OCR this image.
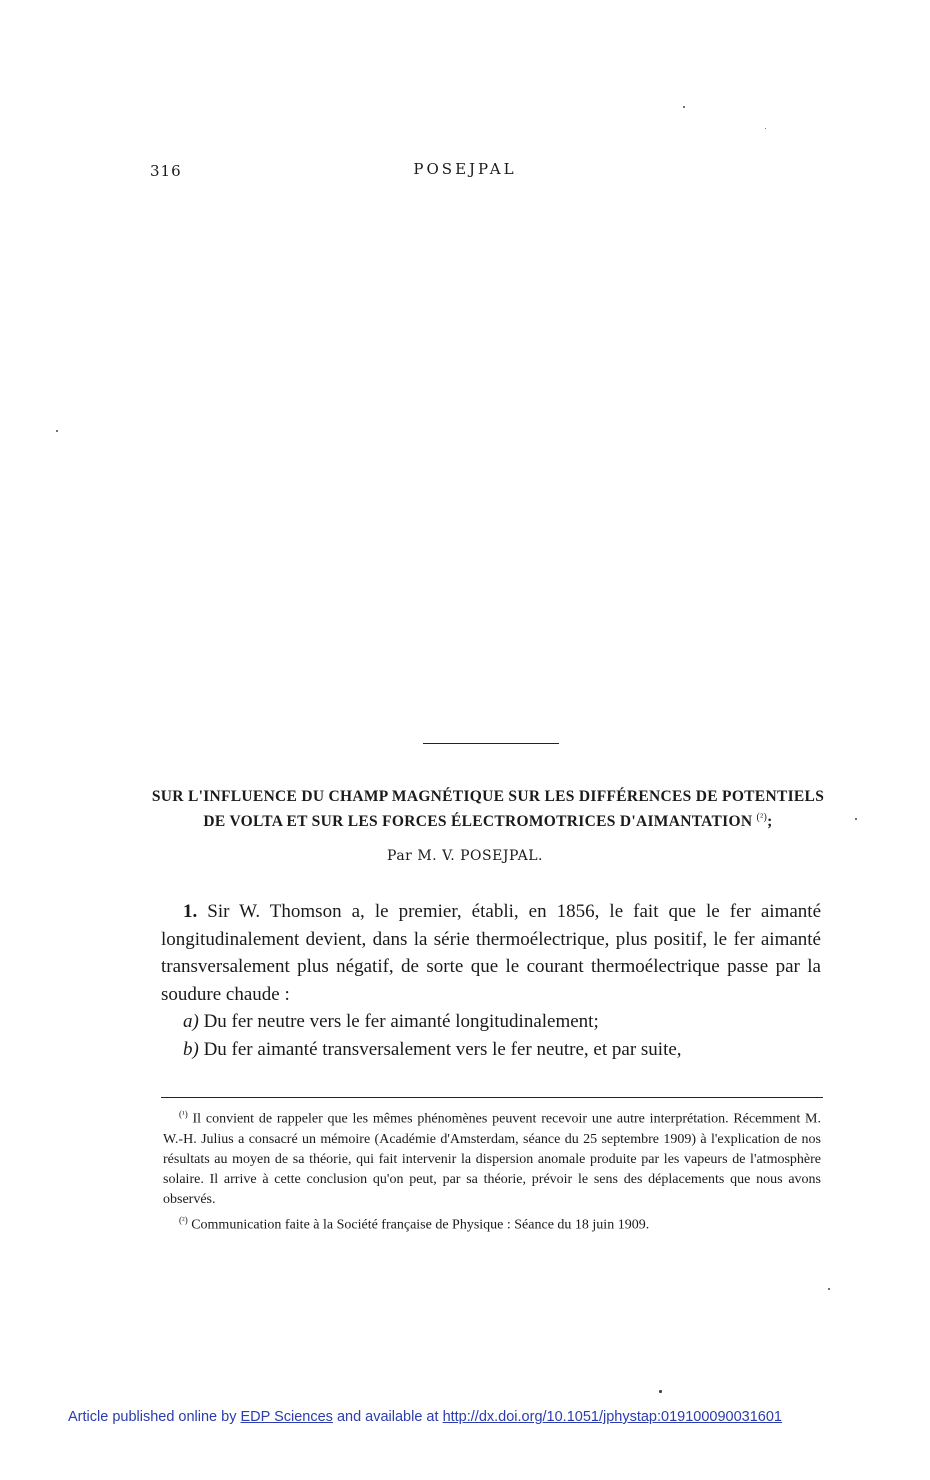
316	POSEJPAL
SUR L'INFLUENCE DU CHAMP MAGNÉTIQUE SUR LES DIFFÉRENCES DE POTENTIELS
DE VOLTA ET SUR LES FORCES ÉLECTROMOTRICES D'AIMANTATION $^{(^2)}$;
Par M. V. POSEJPAL.

1. Sir W. Thomson a, le premier, établi, en 1856, le fait que le fer aimanté longitudinalement devient, dans la série thermoélectrique, plus positif, le fer aimanté transversalement plus négatif, de sorte que le courant thermoélectrique passe par la soudure chaude :

a) Du fer neutre vers le fer aimanté longitudinalement;

b) Du fer aimanté transversalement vers le fer neutre, et par suite,

$^{(^1)}$ Il convient de rappeler que les mêmes phénomènes peuvent recevoir une autre interprétation. Récemment M. W.-H. Julius a consacré un mémoire (Académie d'Amsterdam, séance du 25 septembre 1909) à l'explication de nos résultats au moyen de sa théorie, qui fait intervenir la dispersion anomale produite par les vapeurs de l'atmosphère solaire. Il arrive à cette conclusion qu'on peut, par sa théorie, prévoir le sens des déplacements que nous avons observés.

$^{(^2)}$ Communication faite à la Société française de Physique : Séance du 18 juin 1909.

Article published online by EDP Sciences and available at http://dx.doi.org/10.1051/jphystap:019100090031601
